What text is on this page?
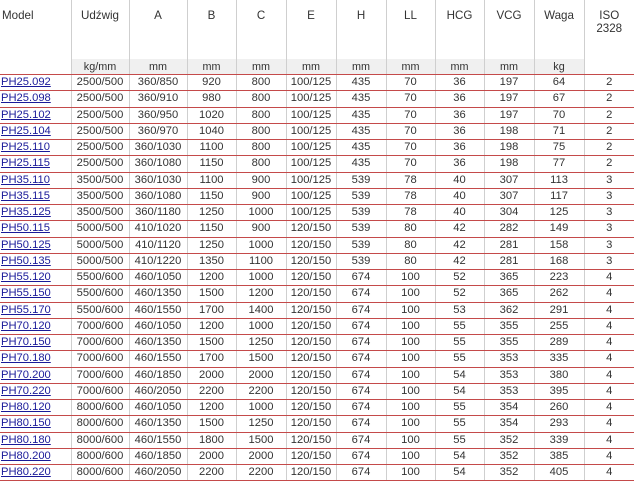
Model	Udźwig	A	B	C	E	H	LL	HCG	VCG	Waga	ISO
2328
	kg/mm	mm	mm	mm	mm	mm	mm	mm	mm	kg	
PH25.092	2500/500	360/850	920	800	100/125	435	70	36	197	64	2
PH25.098	2500/500	360/910	980	800	100/125	435	70	36	197	67	2
PH25.102	2500/500	360/950	1020	800	100/125	435	70	36	197	70	2
PH25.104	2500/500	360/970	1040	800	100/125	435	70	36	198	71	2
PH25.110	2500/500	360/1030	1100	800	100/125	435	70	36	198	75	2
PH25.115	2500/500	360/1080	1150	800	100/125	435	70	36	198	77	2
PH35.110	3500/500	360/1030	1100	900	100/125	539	78	40	307	113	3
PH35.115	3500/500	360/1080	1150	900	100/125	539	78	40	307	117	3
PH35.125	3500/500	360/1180	1250	1000	100/125	539	78	40	304	125	3
PH50.115	5000/500	410/1020	1150	900	120/150	539	80	42	282	149	3
PH50.125	5000/500	410/1120	1250	1000	120/150	539	80	42	281	158	3
PH50.135	5000/500	410/1220	1350	1100	120/150	539	80	42	281	168	3
PH55.120	5500/600	460/1050	1200	1000	120/150	674	100	52	365	223	4
PH55.150	5500/600	460/1350	1500	1200	120/150	674	100	52	365	262	4
PH55.170	5500/600	460/1550	1700	1400	120/150	674	100	53	362	291	4
PH70.120	7000/600	460/1050	1200	1000	120/150	674	100	55	355	255	4
PH70.150	7000/600	460/1350	1500	1250	120/150	674	100	55	355	289	4
PH70.180	7000/600	460/1550	1700	1500	120/150	674	100	55	353	335	4
PH70.200	7000/600	460/1850	2000	2000	120/150	674	100	54	353	380	4
PH70.220	7000/600	460/2050	2200	2200	120/150	674	100	54	353	395	4
PH80.120	8000/600	460/1050	1200	1000	120/150	674	100	55	354	260	4
PH80.150	8000/600	460/1350	1500	1250	120/150	674	100	55	354	293	4
PH80.180	8000/600	460/1550	1800	1500	120/150	674	100	55	352	339	4
PH80.200	8000/600	460/1850	2000	2000	120/150	674	100	54	352	385	4
PH80.220	8000/600	460/2050	2200	2200	120/150	674	100	54	352	405	4
